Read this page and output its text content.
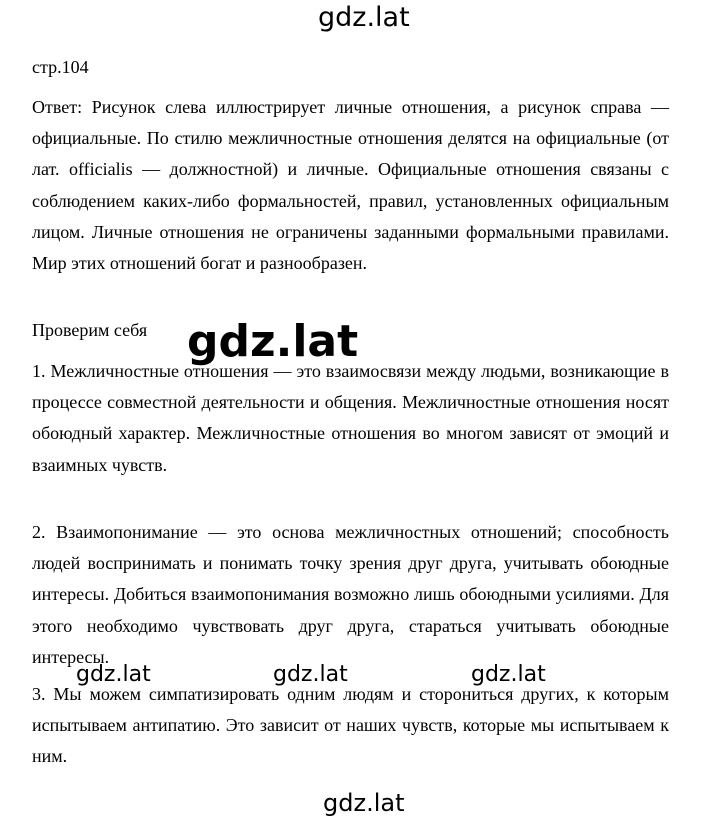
стр.104

Ответ: Рисунок слева иллюстрирует личные отношения, а рисунок справа — официальные. По стилю межличностные отношения делятся на официальные (от лат. officialis — должностной) и личные. Официальные отношения связаны с соблюдением каких-либо формальностей, правил, установленных официальным лицом. Личные отношения не ограничены заданными формальными правилами. Мир этих отношений богат и разнообразен.

Проверим себя

1. Межличностные отношения — это взаимосвязи между людьми, возникающие в процессе совместной деятельности и общения. Межличностные отношения носят обоюдный характер. Межличностные отношения во многом зависят от эмоций и взаимных чувств.

2. Взаимопонимание — это основа межличностных отношений; способность людей воспринимать и понимать точку зрения друг друга, учитывать обоюдные интересы. Добиться взаимопонимания возможно лишь обоюдными усилиями. Для этого необходимо чувствовать друг друга, стараться учитывать обоюдные интересы.

3. Мы можем симпатизировать одним людям и сторониться других, к которым испытываем антипатию. Это зависит от наших чувств, которые мы испытываем к ним.

gdz.lat
gdz.lat
gdz.lat	gdz.lat	gdz.lat
gdz.lat
